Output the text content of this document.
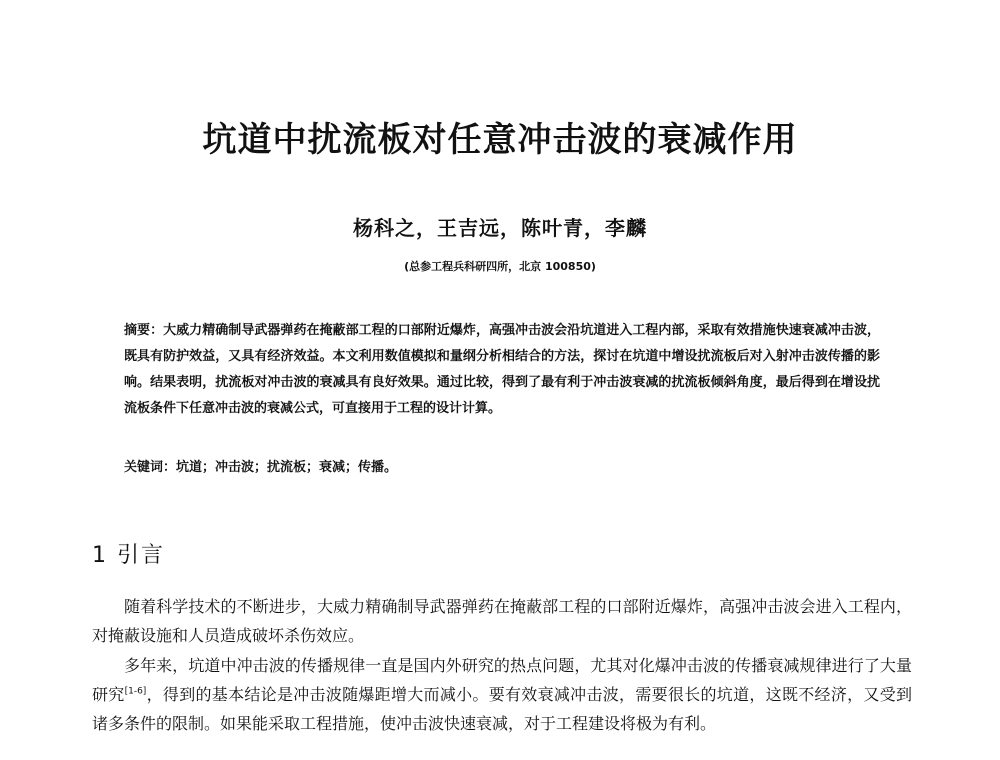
坑道中扰流板对任意冲击波的衰减作用
杨科之，王吉远，陈叶青，李麟
(总参工程兵科研四所，北京 100850)
摘要：大威力精确制导武器弹药在掩蔽部工程的口部附近爆炸，高强冲击波会沿坑道进入工程内部，采取有效措施快速衰减冲击波，既具有防护效益，又具有经济效益。本文利用数值模拟和量纲分析相结合的方法，探讨在坑道中增设扰流板后对入射冲击波传播的影响。结果表明，扰流板对冲击波的衰减具有良好效果。通过比较，得到了最有利于冲击波衰减的扰流板倾斜角度，最后得到在增设扰流板条件下任意冲击波的衰减公式，可直接用于工程的设计计算。
关键词：坑道；冲击波；扰流板；衰减；传播。
1 引言
随着科学技术的不断进步，大威力精确制导武器弹药在掩蔽部工程的口部附近爆炸，高强冲击波会进入工程内，对掩蔽设施和人员造成破坏杀伤效应。
多年来，坑道中冲击波的传播规律一直是国内外研究的热点问题，尤其对化爆冲击波的传播衰减规律进行了大量研究[1-6]，得到的基本结论是冲击波随爆距增大而减小。要有效衰减冲击波，需要很长的坑道，这既不经济，又受到诸多条件的限制。如果能采取工程措施，使冲击波快速衰减，对于工程建设将极为有利。
